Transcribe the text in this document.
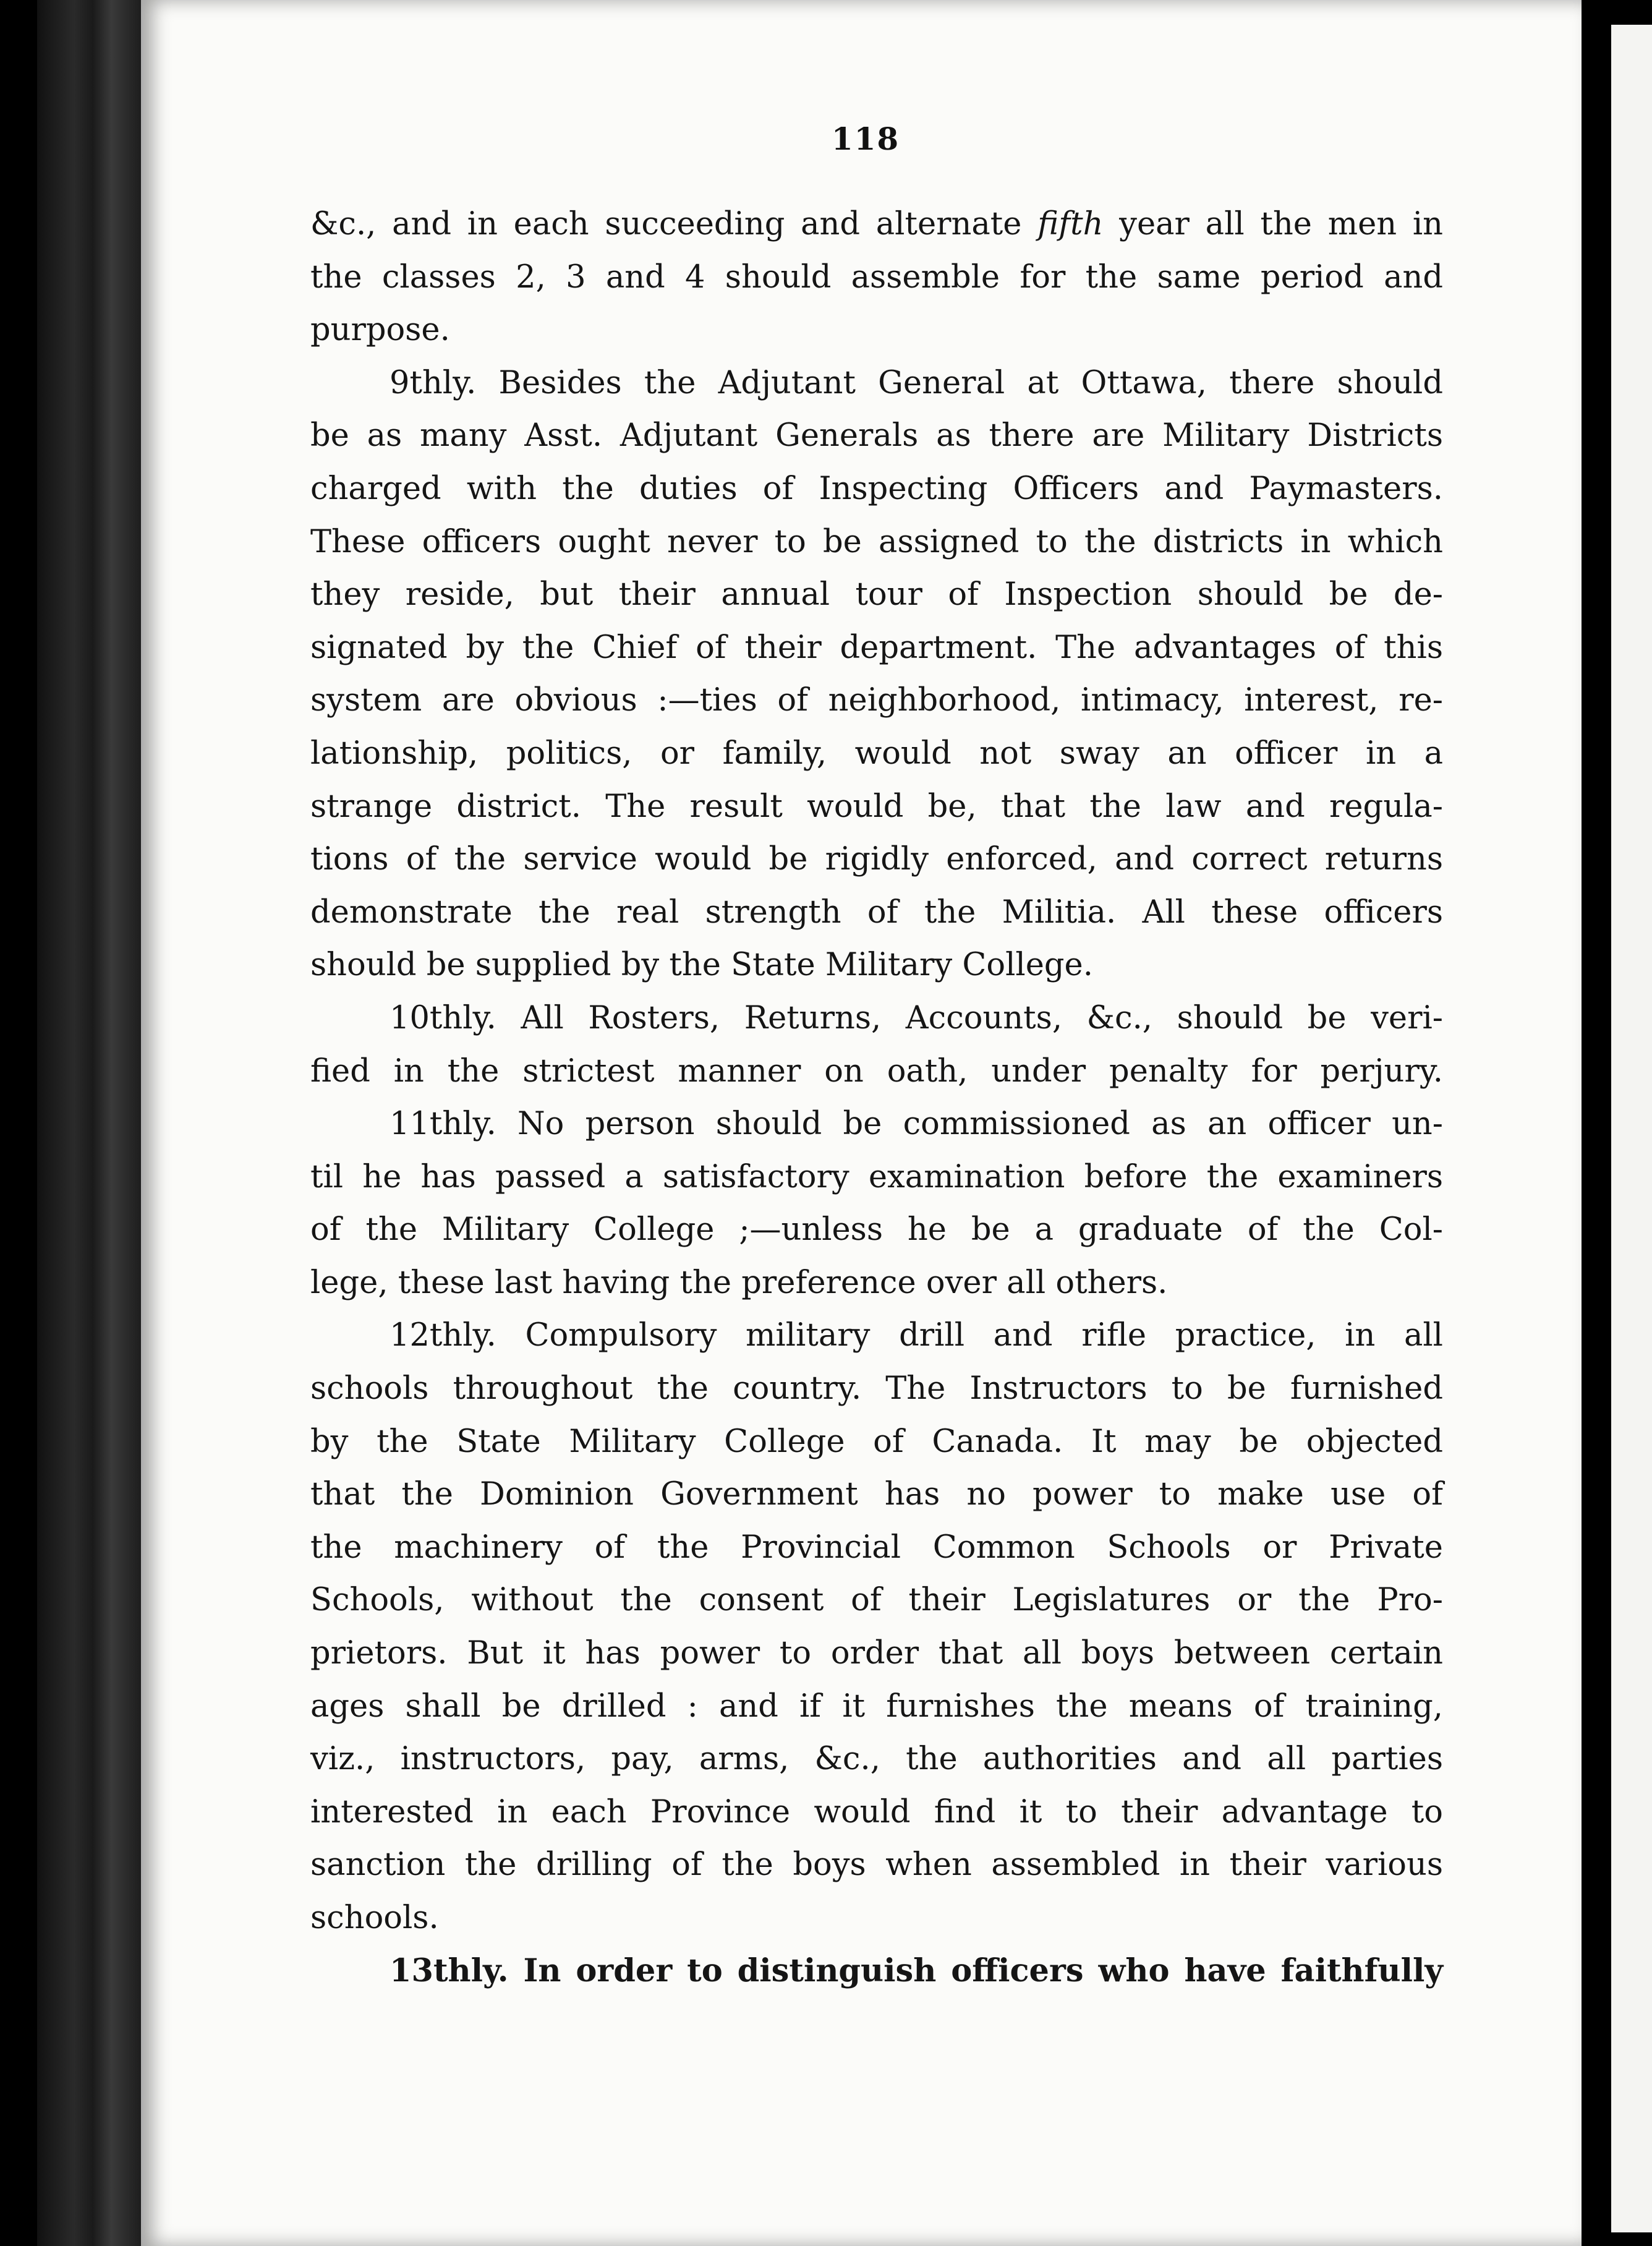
118
&c., and in each succeeding and alternate fifth year all the men in
the classes 2, 3 and 4 should assemble for the same period and
purpose.
9thly. Besides the Adjutant General at Ottawa, there should
be as many Asst. Adjutant Generals as there are Military Districts
charged with the duties of Inspecting Officers and Paymasters.
These officers ought never to be assigned to the districts in which
they reside, but their annual tour of Inspection should be de-
signated by the Chief of their department. The advantages of this
system are obvious :—ties of neighborhood, intimacy, interest, re-
lationship, politics, or family, would not sway an officer in a
strange district. The result would be, that the law and regula-
tions of the service would be rigidly enforced, and correct returns
demonstrate the real strength of the Militia. All these officers
should be supplied by the State Military College.
10thly. All Rosters, Returns, Accounts, &c., should be veri-
fied in the strictest manner on oath, under penalty for perjury.
11thly. No person should be commissioned as an officer un-
til he has passed a satisfactory examination before the examiners
of the Military College ;—unless he be a graduate of the Col-
lege, these last having the preference over all others.
12thly. Compulsory military drill and rifle practice, in all
schools throughout the country. The Instructors to be furnished
by the State Military College of Canada. It may be objected
that the Dominion Government has no power to make use of
the machinery of the Provincial Common Schools or Private
Schools, without the consent of their Legislatures or the Pro-
prietors. But it has power to order that all boys between certain
ages shall be drilled : and if it furnishes the means of training,
viz., instructors, pay, arms, &c., the authorities and all parties
interested in each Province would find it to their advantage to
sanction the drilling of the boys when assembled in their various
schools.
13thly. In order to distinguish officers who have faithfully
